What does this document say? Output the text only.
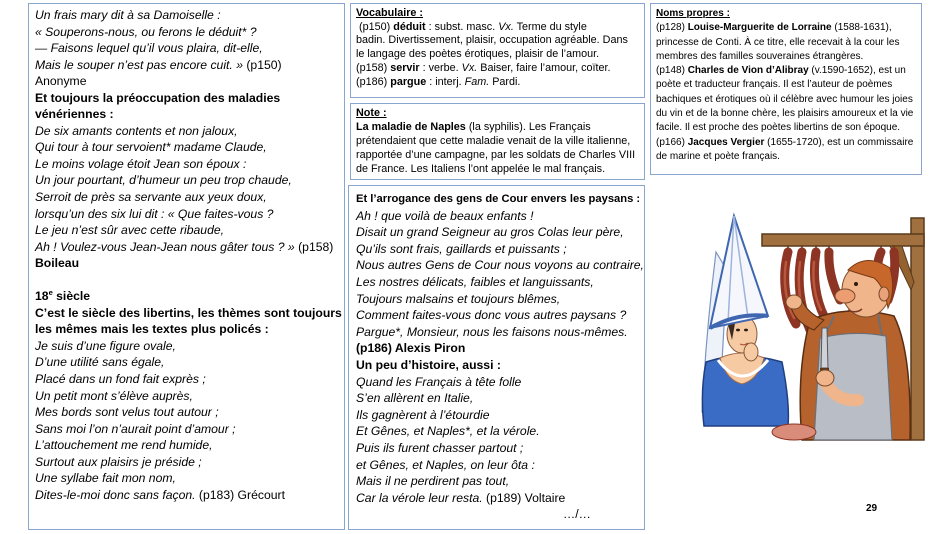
Un frais mary dit à sa Damoiselle :
« Souperons-nous, ou ferons le déduit* ?
— Faisons lequel qu’il vous plaira, dit-elle,
Mais le souper n’est pas encore cuit. » (p150)
Anonyme
Et toujours la préoccupation des maladies
vénériennes :
De six amants contents et non jaloux,
Qui tour à tour servoient* madame Claude,
Le moins volage étoit Jean son époux :
Un jour pourtant, d’humeur un peu trop chaude,
Serroit de près sa servante aux yeux doux,
lorsqu’un des six lui dit : « Que faites-vous ?
Le jeu n’est sûr avec cette ribaude,
Ah ! Voulez-vous Jean-Jean nous gâter tous ? » (p158)
Boileau
18e siècle
C’est le siècle des libertins, les thèmes sont toujours
les mêmes mais les textes plus policés :
Je suis d’une figure ovale,
D’une utilité sans égale,
Placé dans un fond fait exprès ;
Un petit mont s’élève auprès,
Mes bords sont velus tout autour ;
Sans moi l’on n’aurait point d’amour ;
L’attouchement me rend humide,
Surtout aux plaisirs je préside ;
Une syllabe fait mon nom,
Dites-le-moi donc sans façon. (p183) Grécourt
Vocabulaire :
(p150) déduit : subst. masc. Vx. Terme du style
badin. Divertissement, plaisir, occupation agréable. Dans
le langage des poètes érotiques, plaisir de l’amour.
(p158) servir : verbe. Vx. Baiser, faire l’amour, coïter.
(p186) pargue : interj. Fam. Pardi.
Note :
La maladie de Naples (la syphilis). Les Français
prétendaient que cette maladie venait de la ville italienne,
rapportée d’une campagne, par les soldats de Charles VIII
de France. Les Italiens l’ont appelée le mal français.
Noms propres :
(p128) Louise-Marguerite de Lorraine (1588-1631),
princesse de Conti. À ce titre, elle recevait à la cour les
membres des familles souveraines étrangères.
(p148) Charles de Vion d’Alibray (v.1590-1652), est un
poète et traducteur français. Il est l’auteur de poèmes
bachiques et érotiques où il célèbre avec humour les joies
du vin et de la bonne chère, les plaisirs amoureux et la vie
facile. Il est proche des poètes libertins de son époque.
(p166) Jacques Vergier (1655-1720), est un commissaire
de marine et poète français.
Et l’arrogance des gens de Cour envers les paysans :
Ah ! que voilà de beaux enfants !
Disait un grand Seigneur au gros Colas leur père,
Qu’ils sont frais, gaillards et puissants ;
Nous autres Gens de Cour nous voyons au contraire,
Les nostres délicats, faibles et languissants,
Toujours malsains et toujours blêmes,
Comment faites-vous donc vous autres paysans ?
Pargue*, Monsieur, nous les faisons nous-mêmes.
(p186) Alexis Piron
Un peu d’histoire, aussi :
Quand les Français à tête folle
S’en allèrent en Italie,
Ils gagnèrent à l’étourdie
Et Gênes, et Naples*, et la vérole.
Puis ils furent chasser partout ;
et Gênes, et Naples, on leur ôta :
Mais il ne perdirent pas tout,
Car la vérole leur resta. (p189) Voltaire
…/…	29
